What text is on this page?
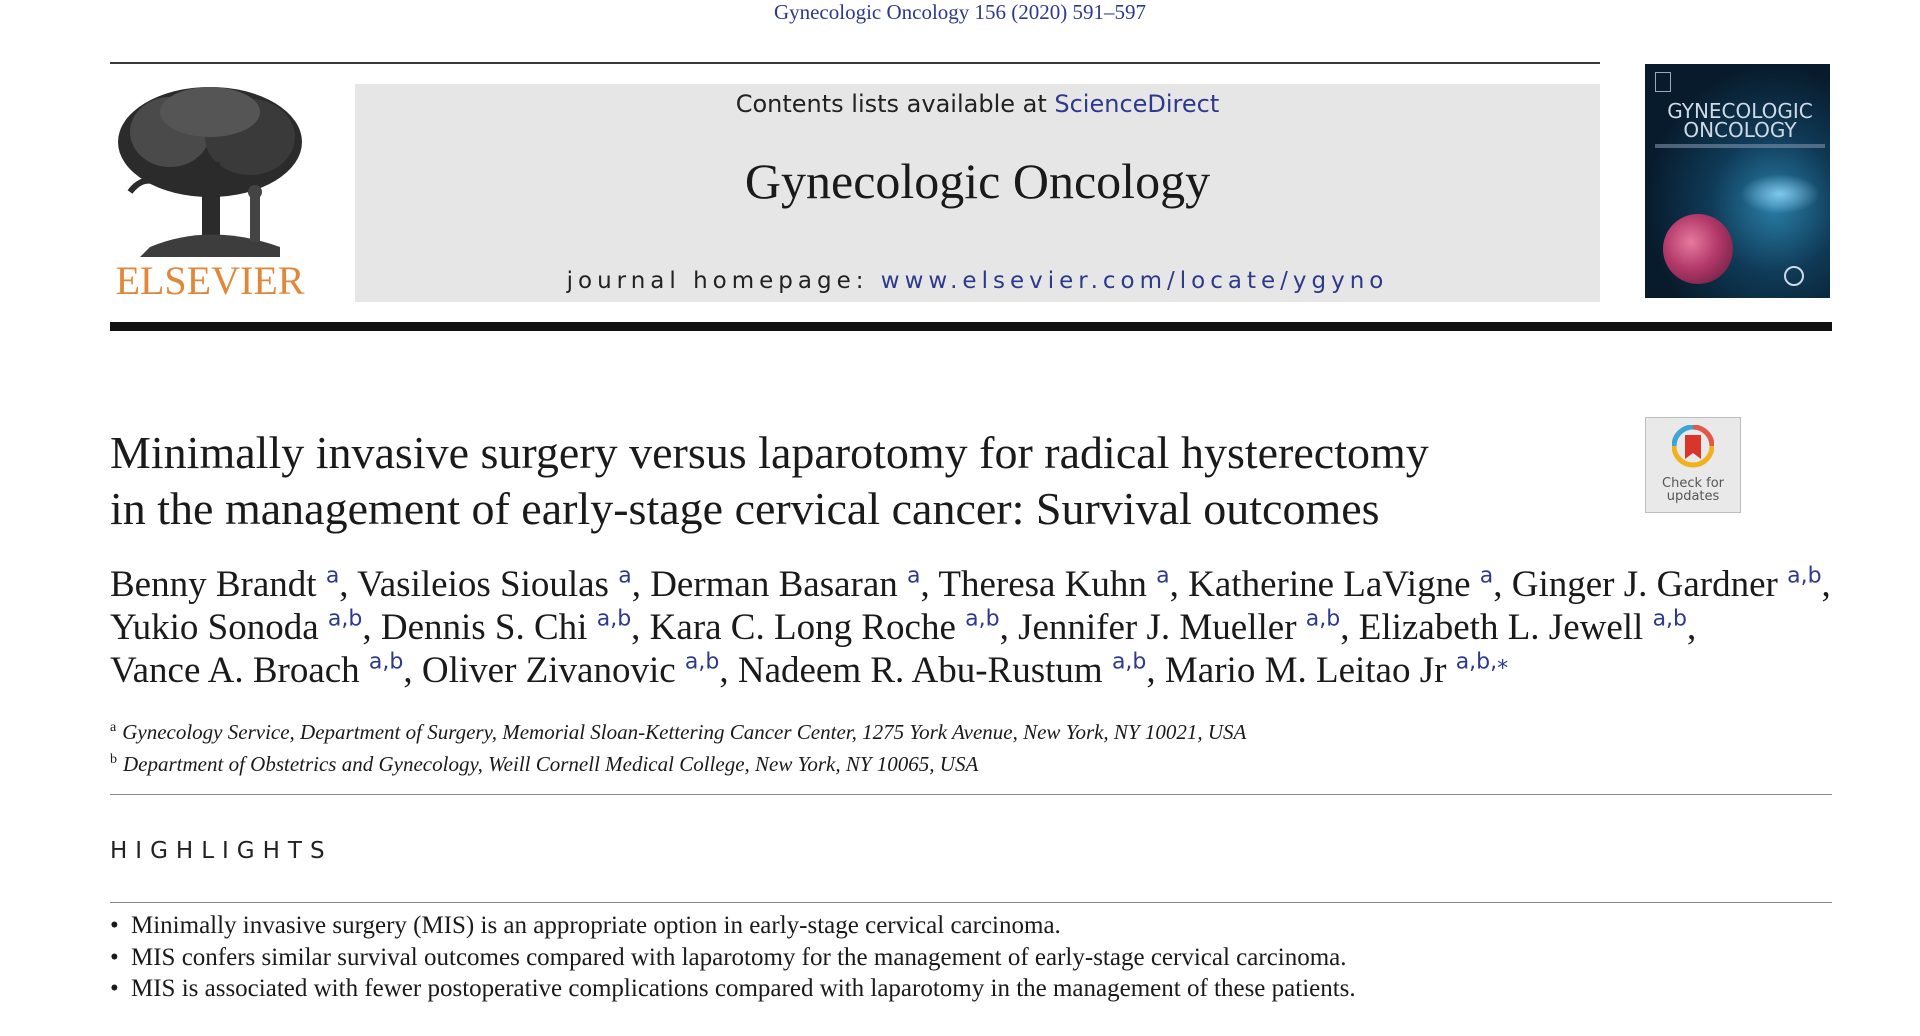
Gynecologic Oncology 156 (2020) 591–597
ELSEVIER
Contents lists available at ScienceDirect
Gynecologic Oncology
journal homepage: www.elsevier.com/locate/ygyno
GYNECOLOGIC
ONCOLOGY
Minimally invasive surgery versus laparotomy for radical hysterectomy
in the management of early-stage cervical cancer: Survival outcomes	Check for
updates
Benny Brandt $^a$, Vasileios Sioulas $^a$, Derman Basaran $^a$, Theresa Kuhn $^a$, Katherine LaVigne $^a$, Ginger J. Gardner $^{a,b}$,
Yukio Sonoda $^{a,b}$, Dennis S. Chi $^{a,b}$, Kara C. Long Roche $^{a,b}$, Jennifer J. Mueller $^{a,b}$, Elizabeth L. Jewell $^{a,b}$,
Vance A. Broach $^{a,b}$, Oliver Zivanovic $^{a,b}$, Nadeem R. Abu-Rustum $^{a,b}$, Mario M. Leitao Jr $^{a,b,⁎}$
$^a$ Gynecology Service, Department of Surgery, Memorial Sloan-Kettering Cancer Center, 1275 York Avenue, New York, NY 10021, USA
$^b$ Department of Obstetrics and Gynecology, Weill Cornell Medical College, New York, NY 10065, USA
HIGHLIGHTS
• Minimally invasive surgery (MIS) is an appropriate option in early-stage cervical carcinoma.
• MIS confers similar survival outcomes compared with laparotomy for the management of early-stage cervical carcinoma.
• MIS is associated with fewer postoperative complications compared with laparotomy in the management of these patients.
